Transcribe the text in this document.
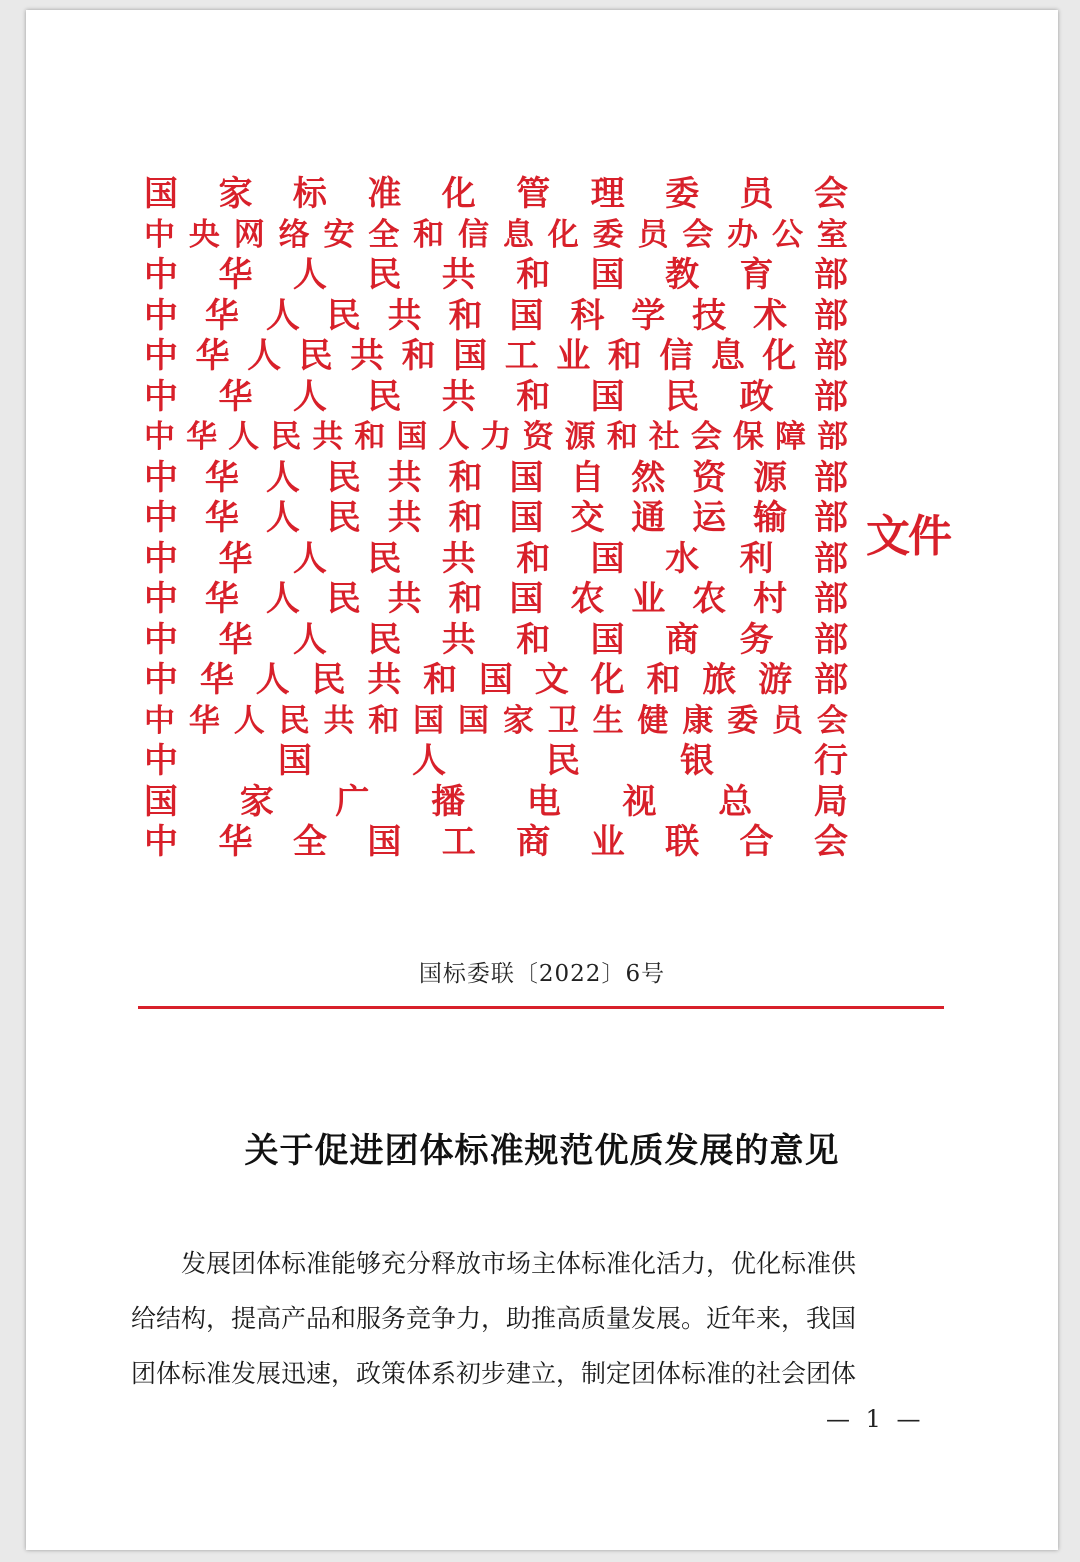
国 家 标 准 化 管 理 委 员 会
中 央 网 络 安 全 和 信 息 化 委 员 会 办 公 室
中 华 人 民 共 和 国 教 育 部
中 华 人 民 共 和 国 科 学 技 术 部
中 华 人 民 共 和 国 工 业 和 信 息 化 部
中 华 人 民 共 和 国 民 政 部
中 华 人 民 共 和 国 人 力 资 源 和 社 会 保 障 部
中 华 人 民 共 和 国 自 然 资 源 部
中 华 人 民 共 和 国 交 通 运 输 部
中 华 人 民 共 和 国 水 利 部
中 华 人 民 共 和 国 农 业 农 村 部
中 华 人 民 共 和 国 商 务 部
中 华 人 民 共 和 国 文 化 和 旅 游 部
中 华 人 民 共 和 国 国 家 卫 生 健 康 委 员 会
中	国	人	民	银	行
国 家 广 播 电 视 总 局
中 华 全 国 工 商 业 联 合 会
文件
国标委联〔2022〕6号
关于促进团体标准规范优质发展的意见
发展团体标准能够充分释放市场主体标准化活力，优化标准供
给结构，提高产品和服务竞争力，助推高质量发展。近年来，我国
团体标准发展迅速，政策体系初步建立，制定团体标准的社会团体
— 1 —
